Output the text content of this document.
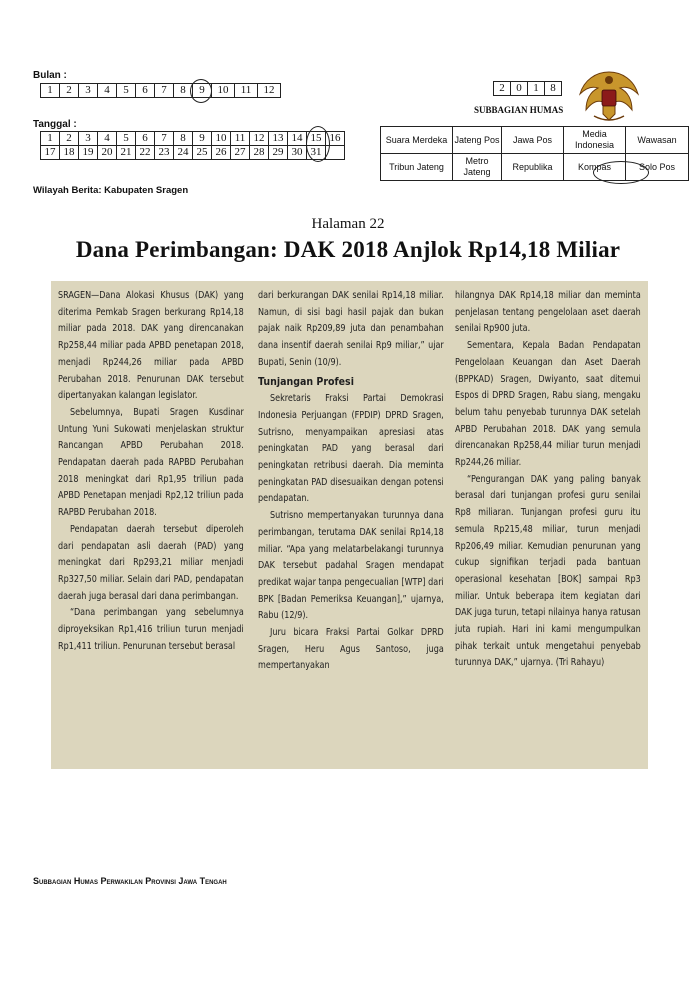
Bulan :
1	2	3	4	5	6	7	8	9	10	11	12
Tanggal :
1	2	3	4	5	6	7	8	9	10	11	12	13	14	15	16
17	18	19	20	21	22	23	24	25	26	27	28	29	30	31	
2	0	1	8
SUBBAGIAN HUMAS
Suara Merdeka	Jateng Pos	Jawa Pos	Media Indonesia	Wawasan
Tribun Jateng	Metro Jateng	Republika	Kompas	Solo Pos
Wilayah Berita: Kabupaten Sragen
Halaman 22
Dana Perimbangan: DAK 2018 Anjlok Rp14,18 Miliar

SRAGEN—Dana Alokasi Khusus (DAK) yang diterima Pemkab Sragen berkurang Rp14,18 miliar pada 2018. DAK yang direncanakan Rp258,44 miliar pada APBD penetapan 2018, menjadi Rp244,26 miliar pada APBD Perubahan 2018. Penurunan DAK tersebut dipertanyakan kalangan legislator.

Sebelumnya, Bupati Sragen Kusdinar Untung Yuni Sukowati menjelaskan struktur Rancangan APBD Perubahan 2018. Pendapatan daerah pada RAPBD Perubahan 2018 meningkat dari Rp1,95 triliun pada APBD Penetapan menjadi Rp2,12 triliun pada RAPBD Perubahan 2018.

Pendapatan daerah tersebut diperoleh dari pendapatan asli daerah (PAD) yang meningkat dari Rp293,21 miliar menjadi Rp327,50 miliar. Selain dari PAD, pendapatan daerah juga berasal dari dana perimbangan.

“Dana perimbangan yang sebelumnya diproyeksikan Rp1,416 triliun turun menjadi Rp1,411 triliun. Penurunan tersebut berasal

dari berkurangan DAK senilai Rp14,18 miliar. Namun, di sisi bagi hasil pajak dan bukan pajak naik Rp209,89 juta dan penambahan dana insentif daerah senilai Rp9 miliar,” ujar Bupati, Senin (10/9).

Tunjangan Profesi

Sekretaris Fraksi Partai Demokrasi Indonesia Perjuangan (FPDIP) DPRD Sragen, Sutrisno, menyampaikan apresiasi atas peningkatan PAD yang berasal dari peningkatan retribusi daerah. Dia meminta peningkatan PAD disesuaikan dengan potensi pendapatan.

Sutrisno mempertanyakan turunnya dana perimbangan, terutama DAK senilai Rp14,18 miliar. “Apa yang melatarbelakangi turunnya DAK tersebut padahal Sragen mendapat predikat wajar tanpa pengecualian [WTP] dari BPK [Badan Pemeriksa Keuangan],” ujarnya, Rabu (12/9).

Juru bicara Fraksi Partai Golkar DPRD Sragen, Heru Agus Santoso, juga mempertanyakan

hilangnya DAK Rp14,18 miliar dan meminta penjelasan tentang pengelolaan aset daerah senilai Rp900 juta.

Sementara, Kepala Badan Pendapatan Pengelolaan Keuangan dan Aset Daerah (BPPKAD) Sragen, Dwiyanto, saat ditemui Espos di DPRD Sragen, Rabu siang, mengaku belum tahu penyebab turunnya DAK setelah APBD Perubahan 2018. DAK yang semula direncanakan Rp258,44 miliar turun menjadi Rp244,26 miliar.

“Pengurangan DAK yang paling banyak berasal dari tunjangan profesi guru senilai Rp8 miliaran. Tunjangan profesi guru itu semula Rp215,48 miliar, turun menjadi Rp206,49 miliar. Kemudian penurunan yang cukup signifikan terjadi pada bantuan operasional kesehatan [BOK] sampai Rp3 miliar. Untuk beberapa item kegiatan dari DAK juga turun, tetapi nilainya hanya ratusan juta rupiah. Hari ini kami mengumpulkan pihak terkait untuk mengetahui penyebab turunnya DAK,” ujarnya. (Tri Rahayu)

Subbagian Humas Perwakilan Provinsi Jawa Tengah
